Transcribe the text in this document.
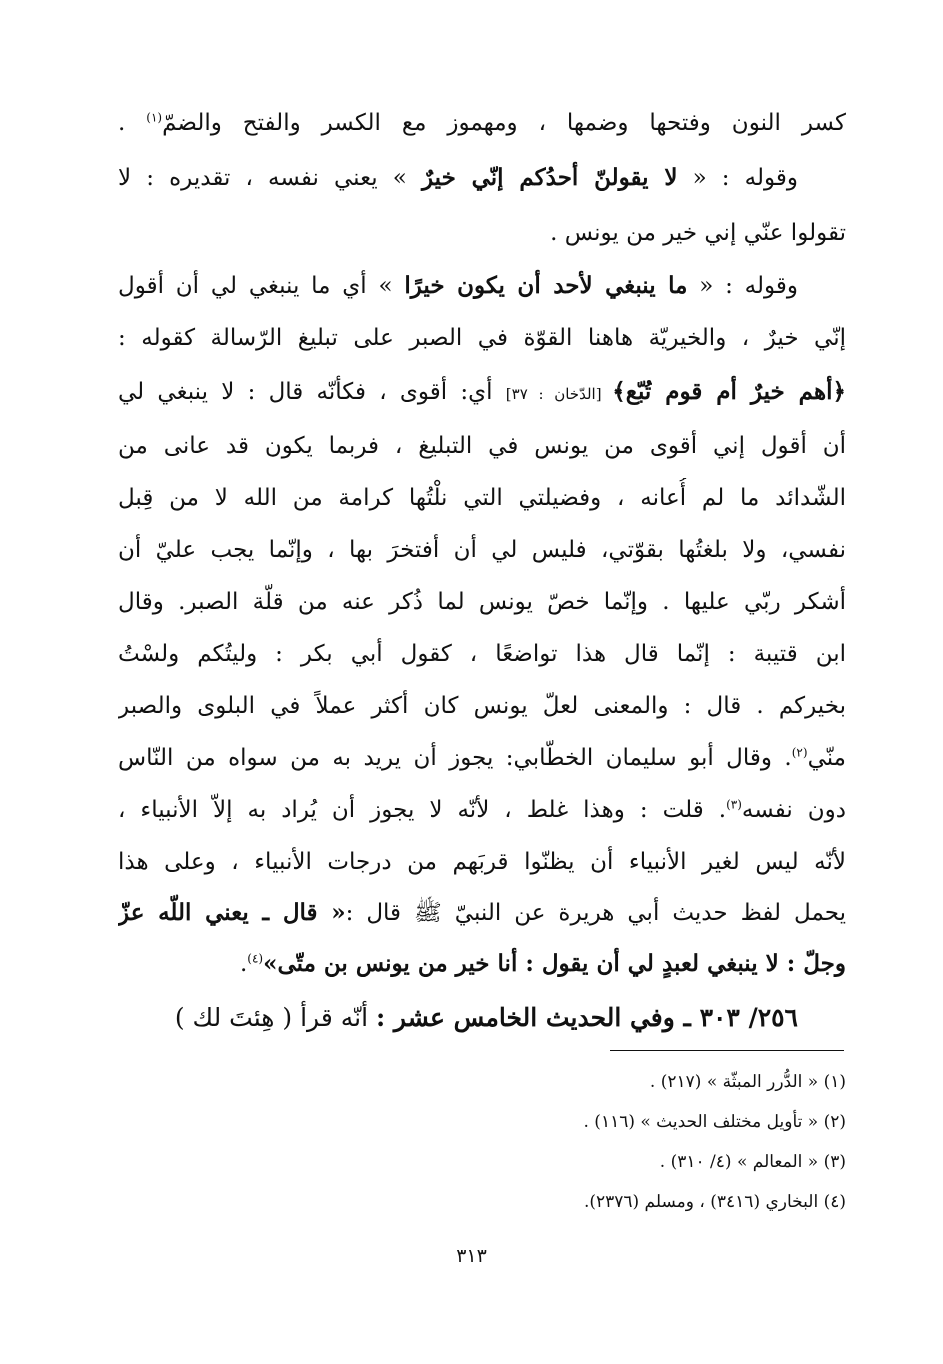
كسر النون وفتحها وضمها ، ومهموز مع الكسر والفتح والضمّ$^{(١)}$ .
وقوله : « لا يقولنّ أحدُكم إنّي خيرٌ » يعني نفسه ، تقديره : لا
تقولوا عنّي إني خير من يونس .
وقوله : « ما ينبغي لأحد أن يكون خيرًا » أي ما ينبغي لي أن أقول
إنّي خيرٌ ، والخيريّة هاهنا القوّة في الصبر على تبليغ الرّسالة كقوله :
﴿أهم خيرٌ أم قوم تُبّع﴾ [الدّخان : ٣٧] أي: أقوى ، فكأنّه قال : لا ينبغي لي
أن أقول إني أقوى من يونس في التبليغ ، فربما يكون قد عانى من
الشّدائد ما لم أُعانه ، وفضيلتي التي نلْتُها كرامة من الله لا من قِبل
نفسي، ولا بلغتُها بقوّتي، فليس لي أن أفتخرَ بها ، وإنّما يجب عليّ أن
أشكر ربّي عليها . وإنّما خصّ يونس لما ذُكر عنه من قلّة الصبر. وقال
ابن قتيبة : إنّما قال هذا تواضعًا ، كقول أبي بكر : وليتُكم ولسْتُ
بخيركم . قال : والمعنى لعلّ يونس كان أكثر عملاً في البلوى والصبر
منّي$^{(٢)}$. وقال أبو سليمان الخطّابي: يجوز أن يريد به من سواه من النّاس
دون نفسه$^{(٣)}$. قلت : وهذا غلط ، لأنّه لا يجوز أن يُراد به إلاّ الأنبياء ،
لأنّه ليس لغير الأنبياء أن يظنّوا قربَهم من درجات الأنبياء ، وعلى هذا
يحمل لفظ حديث أبي هريرة عن النبيّ ﷺ قال :« قال ـ يعني اللّه عزّ
وجلّ : لا ينبغي لعبدٍ لي أن يقول : أنا خير من يونس بن متّى»$^{(٤)}$.
٢٥٦/ ٣٠٣ ـ وفي الحديث الخامس عشر : أنّه قرأ ( هِئتَ لك )
(١) « الدُّرر المبثّة » (٢١٧) .
(٢) « تأويل مختلف الحديث » (١١٦) .
(٣) « المعالم » (٤/ ٣١٠) .
(٤) البخاري (٣٤١٦) ، ومسلم (٢٣٧٦).
٣١٣
